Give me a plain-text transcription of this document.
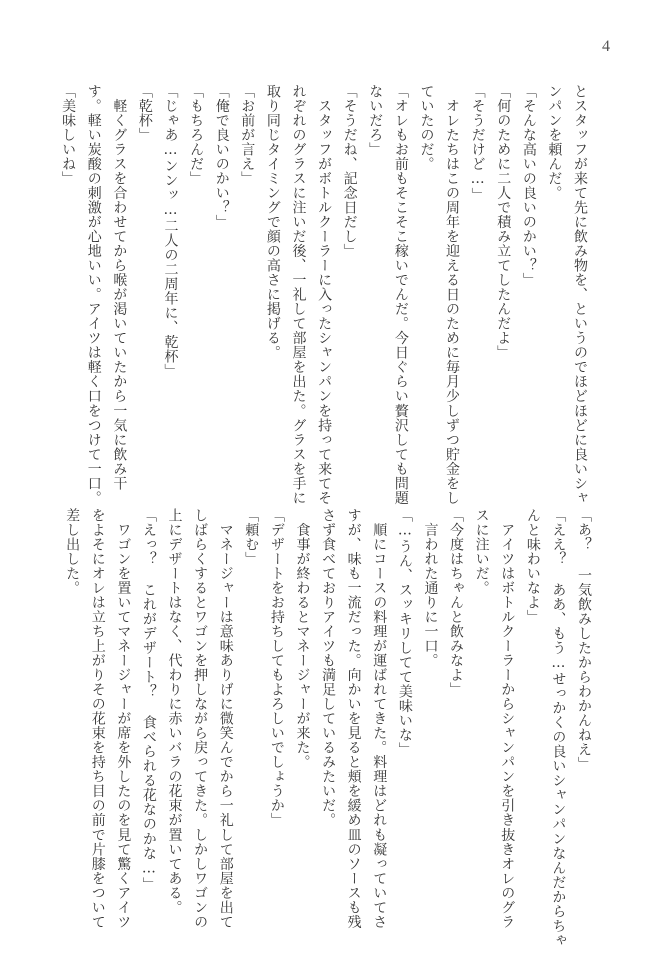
4
とスタッフが来て先に飲み物を、というのでほどほどに良いシャ
ンパンを頼んだ。
「そんな高いの良いのかい？」
「何のために二人で積み立てしたんだよ」
「そうだけど…」
　オレたちはこの周年を迎える日のために毎月少しずつ貯金をし
ていたのだ。
「オレもお前もそこそこ稼いでんだ。今日ぐらい贅沢しても問題
ないだろ」
「そうだね、記念日だし」
　スタッフがボトルクーラーに入ったシャンパンを持って来てそ
れぞれのグラスに注いだ後、一礼して部屋を出た。グラスを手に
取り同じタイミングで顔の高さに掲げる。
「お前が言え」
「俺で良いのかい？」
「もちろんだ」
「じゃあ…ンンッ…二人の二周年に、乾杯」
「乾杯」
　軽くグラスを合わせてから喉が渇いていたから一気に飲み干
す。軽い炭酸の刺激が心地いい。アイツは軽く口をつけて一口。
「美味しいね」
「あ？ 一気飲みしたからわかんねえ」
「ええ？ ああ、もう…せっかくの良いシャンパンなんだからちゃ
んと味わいなよ」
　アイツはボトルクーラーからシャンパンを引き抜きオレのグラ
スに注いだ。
「今度はちゃんと飲みなよ」
　言われた通りに一口。
「…うん、スッキリしてて美味いな」
　順にコースの料理が運ばれてきた。料理はどれも凝っていてさ
すが、味も一流だった。向かいを見ると頬を緩め皿のソースも残
さず食べておりアイツも満足しているみたいだ。
　食事が終わるとマネージャーが来た。
「デザートをお持ちしてもよろしいでしょうか」
「頼む」
　マネージャーは意味ありげに微笑んでから一礼して部屋を出て
しばらくするとワゴンを押しながら戻ってきた。しかしワゴンの
上にデザートはなく、代わりに赤いバラの花束が置いてある。
「えっ？ これがデザート？ 食べられる花なのかな…」
　ワゴンを置いてマネージャーが席を外したのを見て驚くアイツ
をよそにオレは立ち上がりその花束を持ち目の前で片膝をついて
差し出した。
